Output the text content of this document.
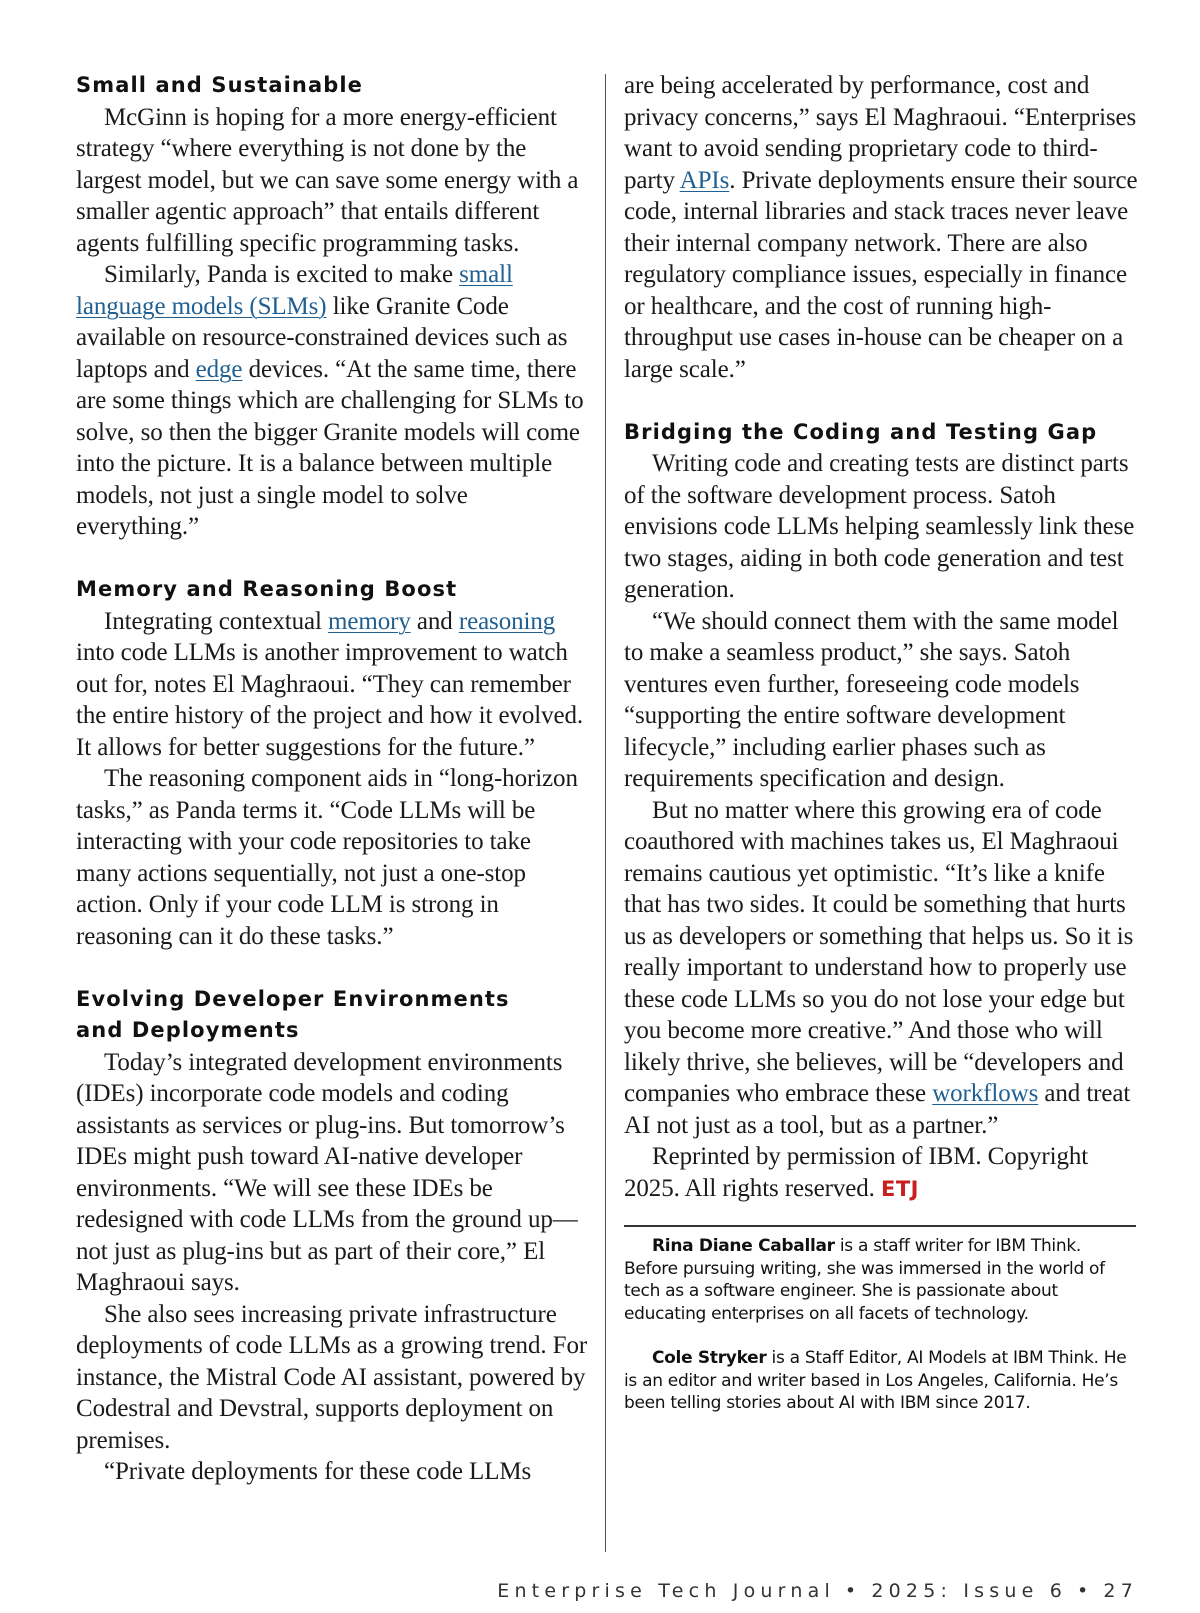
Small and Sustainable

McGinn is hoping for a more energy-efficient strategy “where everything is not done by the largest model, but we can save some energy with a smaller agentic approach” that entails different agents fulfilling specific programming tasks.

Similarly, Panda is excited to make small language models (SLMs) like Granite Code available on resource-constrained devices such as laptops and edge devices. “At the same time, there are some things which are challenging for SLMs to solve, so then the bigger Granite models will come into the picture. It is a balance between multiple models, not just a single model to solve everything.”

Memory and Reasoning Boost

Integrating contextual memory and reasoning into code LLMs is another improvement to watch out for, notes El Maghraoui. “They can remember the entire history of the project and how it evolved. It allows for better suggestions for the future.”

The reasoning component aids in “long-horizon tasks,” as Panda terms it. “Code LLMs will be interacting with your code repositories to take many actions sequentially, not just a one-stop action. Only if your code LLM is strong in reasoning can it do these tasks.”

Evolving Developer Environments
and Deployments

Today’s integrated development environments (IDEs) incorporate code models and coding assistants as services or plug-ins. But tomorrow’s IDEs might push toward AI-native developer environments. “We will see these IDEs be redesigned with code LLMs from the ground up—not just as plug-ins but as part of their core,” El Maghraoui says.

She also sees increasing private infrastructure deployments of code LLMs as a growing trend. For instance, the Mistral Code AI assistant, powered by Codestral and Devstral, supports deployment on premises.

“Private deployments for these code LLMs

are being accelerated by performance, cost and privacy concerns,” says El Maghraoui. “Enterprises want to avoid sending proprietary code to third-party APIs. Private deployments ensure their source code, internal libraries and stack traces never leave their internal company network. There are also regulatory compliance issues, especially in finance or healthcare, and the cost of running high-throughput use cases in-house can be cheaper on a large scale.”

Bridging the Coding and Testing Gap

Writing code and creating tests are distinct parts of the software development process. Satoh envisions code LLMs helping seamlessly link these two stages, aiding in both code generation and test generation.

“We should connect them with the same model to make a seamless product,” she says. Satoh ventures even further, foreseeing code models “supporting the entire software development lifecycle,” including earlier phases such as requirements specification and design.

But no matter where this growing era of code coauthored with machines takes us, El Maghraoui remains cautious yet optimistic. “It’s like a knife that has two sides. It could be something that hurts us as developers or something that helps us. So it is really important to understand how to properly use these code LLMs so you do not lose your edge but you become more creative.” And those who will likely thrive, she believes, will be “developers and companies who embrace these workflows and treat AI not just as a tool, but as a partner.”

Reprinted by permission of IBM. Copyright 2025. All rights reserved. ETJ

Rina Diane Caballar is a staff writer for IBM Think. Before pursuing writing, she was immersed in the world of tech as a software engineer. She is passionate about educating enterprises on all facets of technology.

Cole Stryker is a Staff Editor, AI Models at IBM Think. He is an editor and writer based in Los Angeles, California. He’s been telling stories about AI with IBM since 2017.

Enterprise Tech Journal • 2025: Issue 6 • 27
